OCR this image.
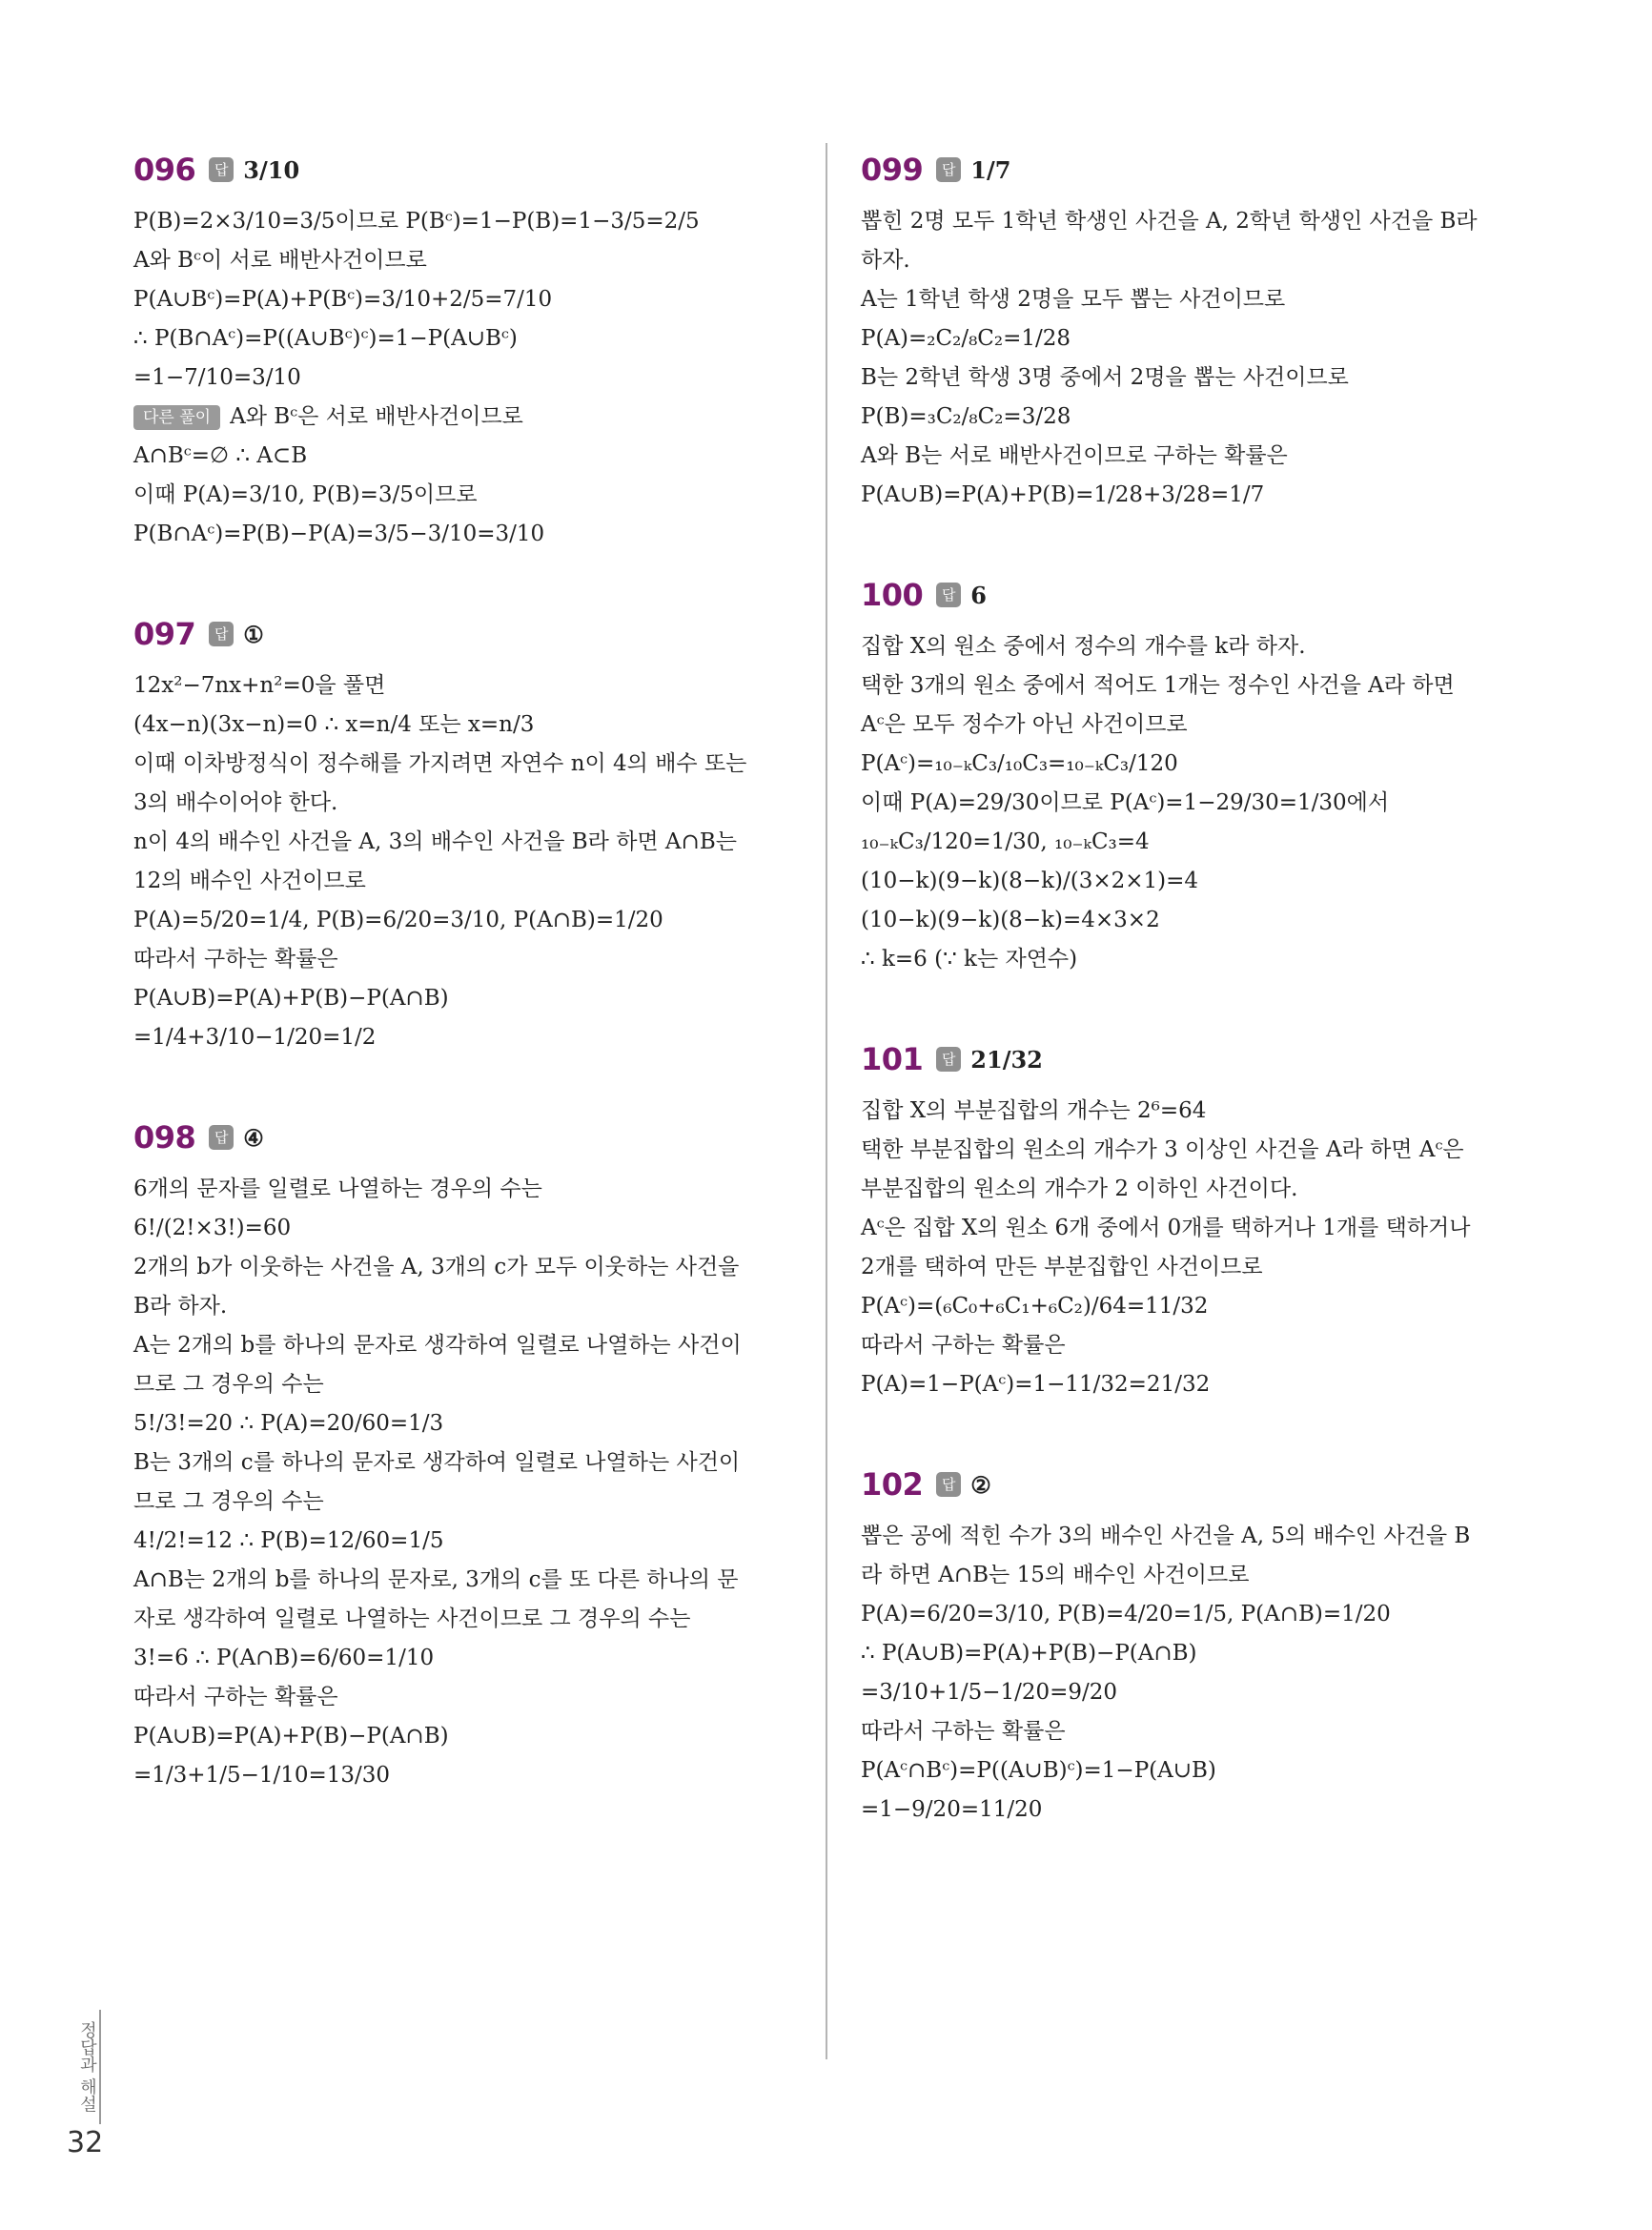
096	답 3/10
P(B)=2×3/10=3/5이므로 P(Bᶜ)=1−P(B)=1−3/5=2/5
A와 Bᶜ이 서로 배반사건이므로
P(A∪Bᶜ)=P(A)+P(Bᶜ)=3/10+2/5=7/10
∴ P(B∩Aᶜ)=P((A∪Bᶜ)ᶜ)=1−P(A∪Bᶜ)
=1−7/10=3/10
다른 풀이 A와 Bᶜ은 서로 배반사건이므로
A∩Bᶜ=∅ ∴ A⊂B
이때 P(A)=3/10, P(B)=3/5이므로
P(B∩Aᶜ)=P(B)−P(A)=3/5−3/10=3/10
097	답 ①
12x²−7nx+n²=0을 풀면
(4x−n)(3x−n)=0 ∴ x=n/4 또는 x=n/3
이때 이차방정식이 정수해를 가지려면 자연수 n이 4의 배수 또는
3의 배수이어야 한다.
n이 4의 배수인 사건을 A, 3의 배수인 사건을 B라 하면 A∩B는
12의 배수인 사건이므로
P(A)=5/20=1/4, P(B)=6/20=3/10, P(A∩B)=1/20
따라서 구하는 확률은
P(A∪B)=P(A)+P(B)−P(A∩B)
=1/4+3/10−1/20=1/2
098	답 ④
6개의 문자를 일렬로 나열하는 경우의 수는
6!/(2!×3!)=60
2개의 b가 이웃하는 사건을 A, 3개의 c가 모두 이웃하는 사건을
B라 하자.
A는 2개의 b를 하나의 문자로 생각하여 일렬로 나열하는 사건이
므로 그 경우의 수는
5!/3!=20 ∴ P(A)=20/60=1/3
B는 3개의 c를 하나의 문자로 생각하여 일렬로 나열하는 사건이
므로 그 경우의 수는
4!/2!=12 ∴ P(B)=12/60=1/5
A∩B는 2개의 b를 하나의 문자로, 3개의 c를 또 다른 하나의 문
자로 생각하여 일렬로 나열하는 사건이므로 그 경우의 수는
3!=6 ∴ P(A∩B)=6/60=1/10
따라서 구하는 확률은
P(A∪B)=P(A)+P(B)−P(A∩B)
=1/3+1/5−1/10=13/30
099	답 1/7
뽑힌 2명 모두 1학년 학생인 사건을 A, 2학년 학생인 사건을 B라
하자.
A는 1학년 학생 2명을 모두 뽑는 사건이므로
P(A)=₂C₂/₈C₂=1/28
B는 2학년 학생 3명 중에서 2명을 뽑는 사건이므로
P(B)=₃C₂/₈C₂=3/28
A와 B는 서로 배반사건이므로 구하는 확률은
P(A∪B)=P(A)+P(B)=1/28+3/28=1/7
100	답 6
집합 X의 원소 중에서 정수의 개수를 k라 하자.
택한 3개의 원소 중에서 적어도 1개는 정수인 사건을 A라 하면
Aᶜ은 모두 정수가 아닌 사건이므로
P(Aᶜ)=₁₀₋ₖC₃/₁₀C₃=₁₀₋ₖC₃/120
이때 P(A)=29/30이므로 P(Aᶜ)=1−29/30=1/30에서
₁₀₋ₖC₃/120=1/30, ₁₀₋ₖC₃=4
(10−k)(9−k)(8−k)/(3×2×1)=4
(10−k)(9−k)(8−k)=4×3×2
∴ k=6 (∵ k는 자연수)
101	답 21/32
집합 X의 부분집합의 개수는 2⁶=64
택한 부분집합의 원소의 개수가 3 이상인 사건을 A라 하면 Aᶜ은
부분집합의 원소의 개수가 2 이하인 사건이다.
Aᶜ은 집합 X의 원소 6개 중에서 0개를 택하거나 1개를 택하거나
2개를 택하여 만든 부분집합인 사건이므로
P(Aᶜ)=(₆C₀+₆C₁+₆C₂)/64=11/32
따라서 구하는 확률은
P(A)=1−P(Aᶜ)=1−11/32=21/32
102	답 ②
뽑은 공에 적힌 수가 3의 배수인 사건을 A, 5의 배수인 사건을 B
라 하면 A∩B는 15의 배수인 사건이므로
P(A)=6/20=3/10, P(B)=4/20=1/5, P(A∩B)=1/20
∴ P(A∪B)=P(A)+P(B)−P(A∩B)
=3/10+1/5−1/20=9/20
따라서 구하는 확률은
P(Aᶜ∩Bᶜ)=P((A∪B)ᶜ)=1−P(A∪B)
=1−9/20=11/20
정답과 해설
32
